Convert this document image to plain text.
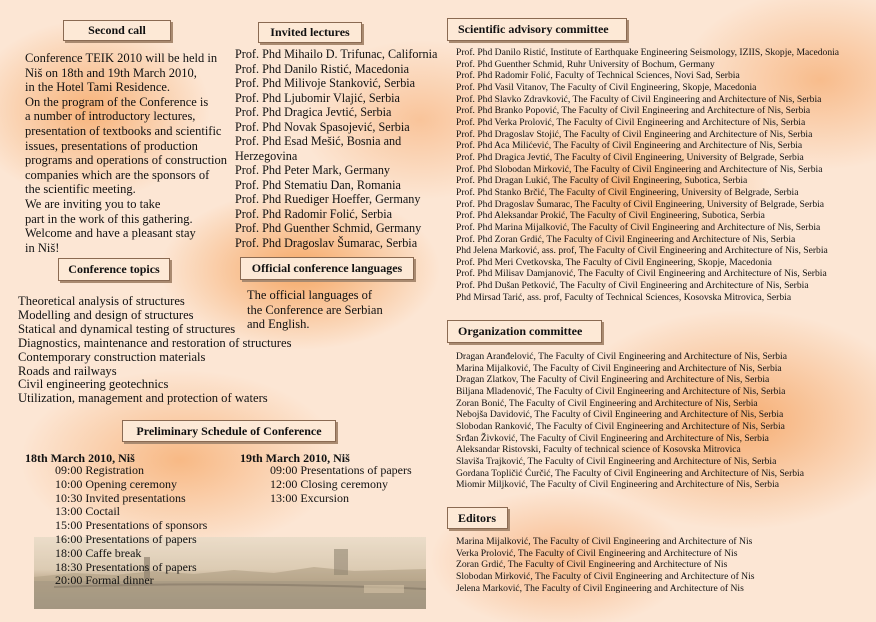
Second call
Conference TEIK 2010 will be held in
Niš on 18th and 19th March 2010,
in the Hotel Tami Residence.
On the program of the Conference is
a number of introductory lectures,
presentation of textbooks and scientific
issues, presentations of production
programs and operations of construction
companies which are the sponsors of
the scientific meeting.
We are inviting you to take
part in the work of this gathering.
Welcome and have a pleasant stay
in Niš!
Invited lectures
Prof. Phd Mihailo D. Trifunac, California
Prof. Phd Danilo Ristić, Macedonia
Prof. Phd Milivoje Stanković, Serbia
Prof. Phd Ljubomir Vlajić, Serbia
Prof. Phd Dragica Jevtić, Serbia
Prof. Phd Novak Spasojević, Serbia
Prof. Phd Esad Mešić, Bosnia and
Herzegovina
Prof. Phd Peter Mark, Germany
Prof. Phd Stematiu Dan, Romania
Prof. Phd Ruediger Hoeffer, Germany
Prof. Phd Radomir Folić, Serbia
Prof. Phd Guenther Schmid, Germany
Prof. Phd Dragoslav Šumarac, Serbia
Conference topics
Theoretical analysis of structures
Modelling and design of structures
Statical and dynamical testing of structures
Diagnostics, maintenance and restoration of structures
Contemporary construction materials
Roads and railways
Civil engineering geotechnics
Utilization, management and protection of waters
Official conference languages
The official languages of
the Conference are Serbian
and English.
Preliminary Schedule of Conference
18th March 2010, Niš
09:00 Registration
10:00 Opening ceremony
10:30 Invited presentations
13:00 Coctail
15:00 Presentations of sponsors
16:00 Presentations of papers
18:00 Caffe break
18:30 Presentations of papers
20:00 Formal dinner
19th March 2010, Niš
09:00 Presentations of papers
12:00 Closing ceremony
13:00 Excursion
Scientific advisory committee
Prof. Phd Danilo Ristić, Institute of Earthquake Engineering Seismology, IZIIS, Skopje, Macedonia
Prof. Phd Guenther Schmid, Ruhr University of Bochum, Germany
Prof. Phd Radomir Folić, Faculty of Technical Sciences, Novi Sad, Serbia
Prof. Phd Vasil Vitanov, The Faculty of Civil Engineering, Skopje, Macedonia
Prof. Phd Slavko Zdravković, The Faculty of Civil Engineering and Architecture of Nis, Serbia
Prof. Phd Branko Popović, The Faculty of Civil Engineering and Architecture of Nis, Serbia
Prof. Phd Verka Prolović, The Faculty of Civil Engineering and Architecture of Nis, Serbia
Prof. Phd Dragoslav Stojić, The Faculty of Civil Engineering and Architecture of Nis, Serbia
Prof. Phd Aca Milićević, The Faculty of Civil Engineering and Architecture of Nis, Serbia
Prof. Phd Dragica Jevtić, The Faculty of Civil Engineering, University of Belgrade, Serbia
Prof. Phd Slobodan Mirković, The Faculty of Civil Engineering and Architecture of Nis, Serbia
Prof. Phd Dragan Lukić, The Faculty of Civil Engineering, Subotica, Serbia
Prof. Phd Stanko Brčić, The Faculty of Civil Engineering, University of Belgrade, Serbia
Prof. Phd Dragoslav Šumarac, The Faculty of Civil Engineering, University of Belgrade, Serbia
Prof. Phd Aleksandar Prokić, The Faculty of Civil Engineering, Subotica, Serbia
Prof. Phd Marina Mijalković, The Faculty of Civil Engineering and Architecture of Nis, Serbia
Prof. Phd Zoran Grdić, The Faculty of Civil Engineering and Architecture of Nis, Serbia
Phd Jelena Marković, ass. prof, The Faculty of Civil Engineering and Architecture of Nis, Serbia
Prof. Phd Meri Cvetkovska, The Faculty of Civil Engineering, Skopje, Macedonia
Prof. Phd Milisav Damjanović, The Faculty of Civil Engineering and Architecture of Nis, Serbia
Prof. Phd Dušan Petković, The Faculty of Civil Engineering and Architecture of Nis, Serbia
Phd Mirsad Tarić, ass. prof, Faculty of Technical Sciences, Kosovska Mitrovica, Serbia
Organization committee
Dragan Aranđelović, The Faculty of Civil Engineering and Architecture of Nis, Serbia
Marina Mijalković, The Faculty of Civil Engineering and Architecture of Nis, Serbia
Dragan Zlatkov, The Faculty of Civil Engineering and Architecture of Nis, Serbia
Biljana Mladenović, The Faculty of Civil Engineering and Architecture of Nis, Serbia
Zoran Bonić, The Faculty of Civil Engineering and Architecture of Nis, Serbia
Nebojša Davidović, The Faculty of Civil Engineering and Architecture of Nis, Serbia
Slobodan Ranković, The Faculty of Civil Engineering and Architecture of Nis, Serbia
Srđan Živković, The Faculty of Civil Engineering and Architecture of Nis, Serbia
Aleksandar Ristovski, Faculty of technical science of Kosovska Mitrovica
Slaviša Trajković, The Faculty of Civil Engineering and Architecture of Nis, Serbia
Gordana Topličić Ćurčić, The Faculty of Civil Engineering and Architecture of Nis, Serbia
Miomir Miljković, The Faculty of Civil Engineering and Architecture of Nis, Serbia
Editors
Marina Mijalković, The Faculty of Civil Engineering and Architecture of Nis
Verka Prolović, The Faculty of Civil Engineering and Architecture of Nis
Zoran Grdić, The Faculty of Civil Engineering and Architecture of Nis
Slobodan Mirković, The Faculty of Civil Engineering and Architecture of Nis
Jelena Marković, The Faculty of Civil Engineering and Architecture of Nis
